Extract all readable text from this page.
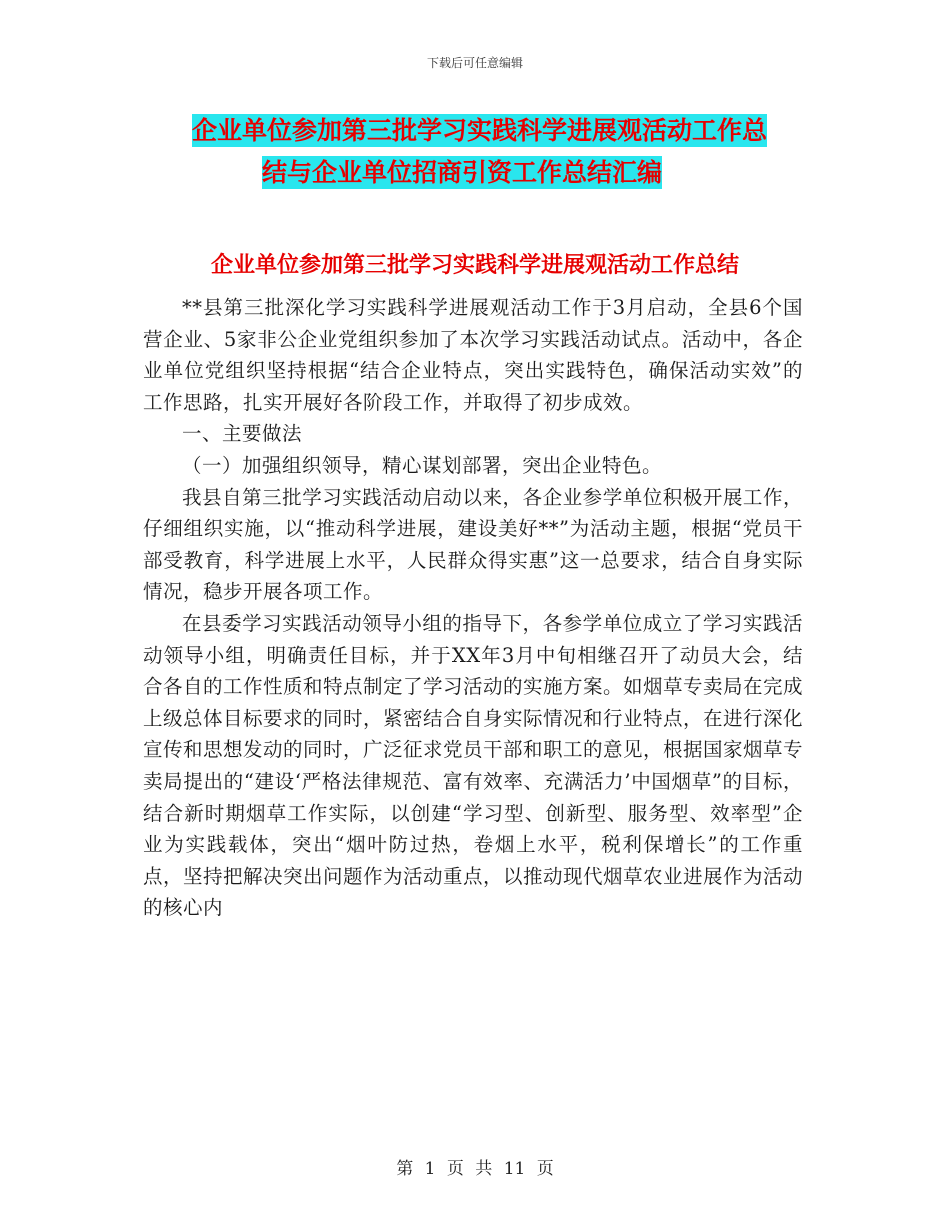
下载后可任意编辑
企业单位参加第三批学习实践科学进展观活动工作总
结与企业单位招商引资工作总结汇编
企业单位参加第三批学习实践科学进展观活动工作总结

**县第三批深化学习实践科学进展观活动工作于3月启动，全县6个国营企业、5家非公企业党组织参加了本次学习实践活动试点。活动中，各企业单位党组织坚持根据“结合企业特点，突出实践特色，确保活动实效”的工作思路，扎实开展好各阶段工作，并取得了初步成效。

一、主要做法

（一）加强组织领导，精心谋划部署，突出企业特色。

我县自第三批学习实践活动启动以来，各企业参学单位积极开展工作，仔细组织实施，以“推动科学进展，建设美好**”为活动主题，根据“党员干部受教育，科学进展上水平，人民群众得实惠”这一总要求，结合自身实际情况，稳步开展各项工作。

在县委学习实践活动领导小组的指导下，各参学单位成立了学习实践活动领导小组，明确责任目标，并于XX年3月中旬相继召开了动员大会，结合各自的工作性质和特点制定了学习活动的实施方案。如烟草专卖局在完成上级总体目标要求的同时，紧密结合自身实际情况和行业特点，在进行深化宣传和思想发动的同时，广泛征求党员干部和职工的意见，根据国家烟草专卖局提出的“建设‘严格法律规范、富有效率、充满活力’中国烟草”的目标，结合新时期烟草工作实际，以创建“学习型、创新型、服务型、效率型”企业为实践载体，突出“烟叶防过热，卷烟上水平，税利保增长”的工作重点，坚持把解决突出问题作为活动重点，以推动现代烟草农业进展作为活动的核心内

第 1 页 共 11 页
